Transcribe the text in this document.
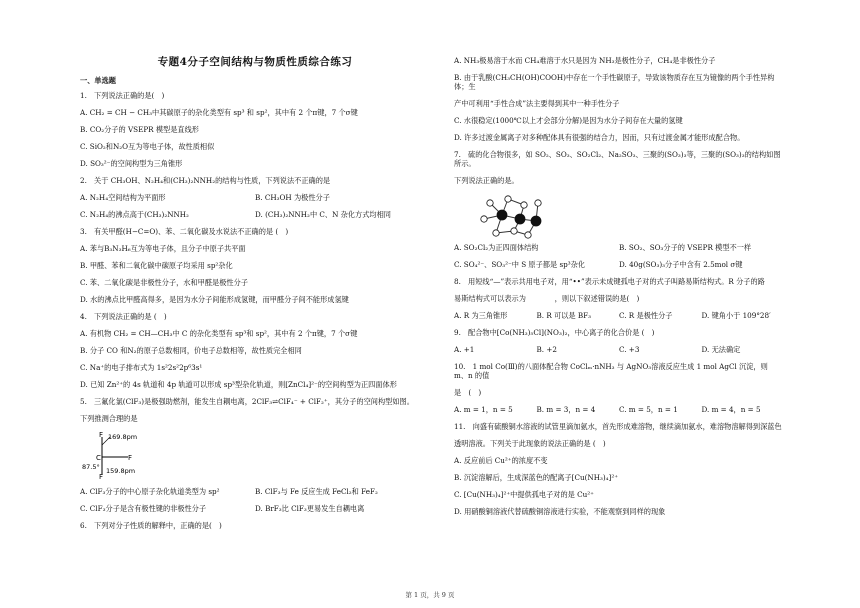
专题4分子空间结构与物质性质综合练习
一、单选题
1.　下列说法正确的是(　)
A. CH₂ = CH − CH₃中其碳原子的杂化类型有 sp³ 和 sp²，其中有 2 个π键，7 个σ键
B. CO₂分子的 VSEPR 模型是直线形
C. SiO₂和N₂O互为等电子体，故性质相似
D. SO₃²⁻的空间构型为三角锥形
2.　关于 CH₃OH、N₂H₄和(CH₃)₂NNH₂的结构与性质，下列说法不正确的是
A. N₂H₄空间结构为平面形	B. CH₃OH 为极性分子
C. N₂H₄的沸点高于(CH₃)₂NNH₂	D. (CH₃)₂NNH₂中 C、N 杂化方式均相同
3.　有关甲醛(H−C=O)、苯、二氧化碳及水说法不正确的是 (　)
A. 苯与B₃N₃H₆互为等电子体，且分子中原子共平面
B. 甲醛、苯和二氧化碳中碳原子均采用 sp²杂化
C. 苯、二氧化碳是非极性分子，水和甲醛是极性分子
D. 水的沸点比甲醛高得多，是因为水分子间能形成氢键，而甲醛分子间不能形成氢键
4.　下列说法正确的是 (　)
A. 有机物 CH₂ = CH—CH₃中 C 的杂化类型有 sp³和 sp²，其中有 2 个π键，7 个σ键
B. 分子 CO 和N₂的原子总数相同，价电子总数相等，故性质完全相同
C. Na⁺的电子排布式为 1s²2s²2p⁶3s¹
D. 已知 Zn²⁺的 4s 轨道和 4p 轨道可以形成 sp³型杂化轨道，则[ZnCl₄]²⁻的空间构型为正四面体形
5.　三氟化氯(ClF₃)是极强助燃剂，能发生自耦电离，2ClF₃⇌ClF₄⁻ + ClF₂⁺，其分子的空间构型如图。
下列推测合理的是
169.8pm
87.5° 159.8pm
F
F
F
Cl
A. ClF₃分子的中心原子杂化轨道类型为 sp²	B. ClF₃与 Fe 反应生成 FeCl₂和 FeF₂
C. ClF₃分子是含有极性键的非极性分子	D. BrF₃比 ClF₃更易发生自耦电离
6.　下列对分子性质的解释中，正确的是(　)
A. NH₃极易溶于水而 CH₄难溶于水只是因为 NH₃是极性分子，CH₄是非极性分子
B. 由于乳酸(CH₃CH(OH)COOH)中存在一个手性碳原子，导致该物质存在互为镜像的两个手性异构体；生
产中可利用“手性合成”法主要得到其中一种手性分子
C. 水很稳定(1000℃以上才会部分分解)是因为水分子间存在大量的氢键
D. 许多过渡金属离子对多种配体具有很强的结合力，因而，只有过渡金属才能形成配合物。
7.　硫的化合物很多，如 SO₂、SO₃、SO₂Cl₂、Na₂SO₃、三聚的(SO₃)₃等，三聚的(SO₃)₃的结构如图所示。
下列说法正确的是。
A. SO₂Cl₂为正四面体结构	B. SO₂、SO₃分子的 VSEPR 模型不一样
C. SO₄²⁻、SO₃²⁻中 S 原子都是 sp³杂化	D. 40g(SO₃)₃分子中含有 2.5mol σ键
8.　用短线“—”表示共用电子对，用“••”表示未成键孤电子对的式子叫路易斯结构式。R 分子的路
易斯结构式可以表示为　　　　，则以下叙述错误的是(　)
A. R 为三角锥形	B. R 可以是 BF₃	C. R 是极性分子	D. 键角小于 109°28′
9.　配合物中[Co(NH₃)₅Cl](NO₃)₂，中心离子的化合价是 (　)
A. +1	B. +2	C. +3	D. 无法确定
10.　1 mol Co(Ⅲ)的八面体配合物 CoClₘ·nNH₃ 与 AgNO₃溶液反应生成 1 mol AgCl 沉淀，则 m、n 的值
是　(　)
A. m = 1，n = 5	B. m = 3，n = 4	C. m = 5，n = 1	D. m = 4，n = 5
11.　向盛有硫酸铜水溶液的试管里滴加氨水，首先形成难溶物，继续滴加氨水，难溶物溶解得到深蓝色
透明溶液。下列关于此现象的说法正确的是 (　)
A. 反应前后 Cu²⁺的浓度不变
B. 沉淀溶解后，生成深蓝色的配离子[Cu(NH₃)₄]²⁺
C. [Cu(NH₃)₄]²⁺中提供孤电子对的是 Cu²⁺
D. 用硝酸铜溶液代替硫酸铜溶液进行实验，不能观察到同样的现象
第 1 页，共 9 页
